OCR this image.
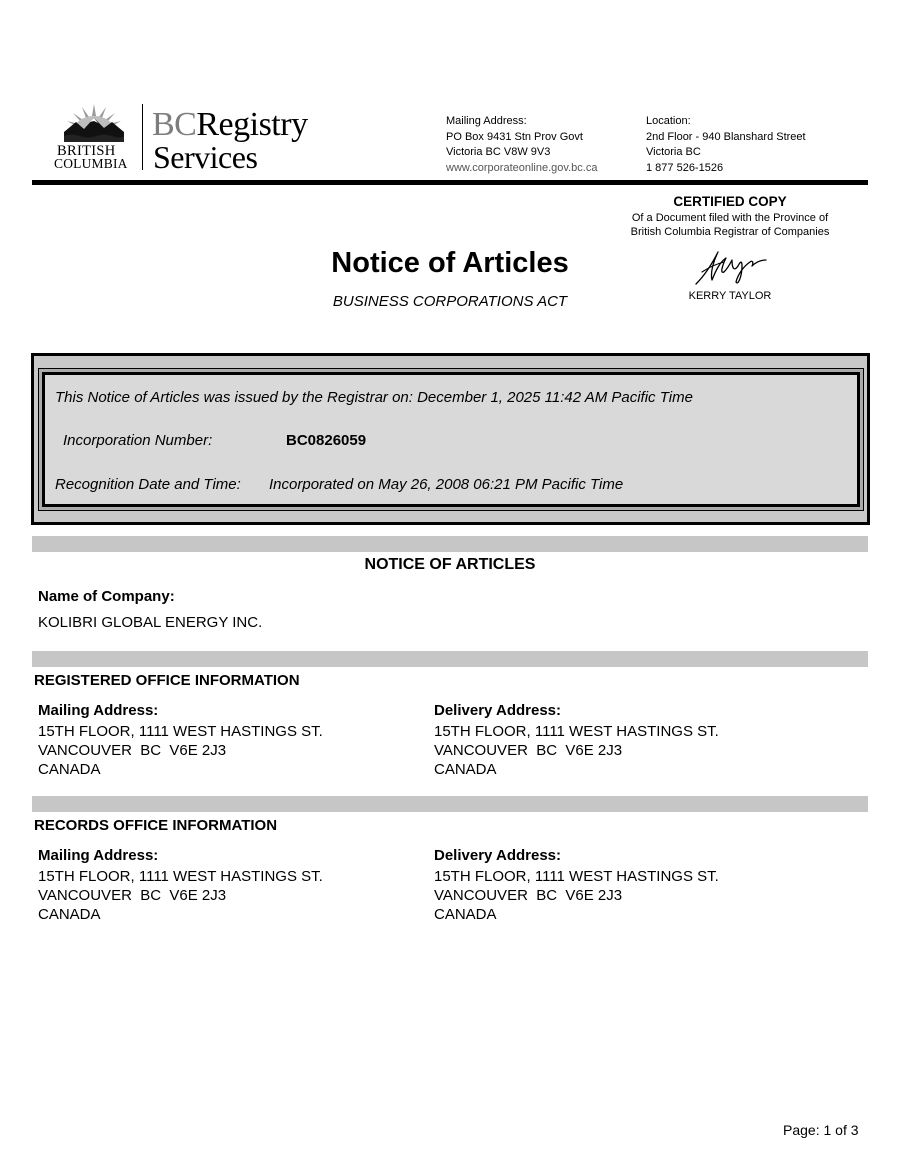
BRITISH
COLUMBIA
BCRegistry
Services
Mailing Address:
PO Box 9431 Stn Prov Govt
Victoria BC V8W 9V3
www.corporateonline.gov.bc.ca
Location:
2nd Floor - 940 Blanshard Street
Victoria BC
1 877 526-1526
CERTIFIED COPY
Of a Document filed with the Province of
British Columbia Registrar of Companies
KERRY TAYLOR
Notice of Articles
BUSINESS CORPORATIONS ACT
This Notice of Articles was issued by the Registrar on: December 1, 2025 11:42 AM Pacific Time
Incorporation Number:	BC0826059
Recognition Date and Time: Incorporated on May 26, 2008 06:21 PM Pacific Time
NOTICE OF ARTICLES
Name of Company:
KOLIBRI GLOBAL ENERGY INC.
REGISTERED OFFICE INFORMATION
Mailing Address:
15TH FLOOR, 1111 WEST HASTINGS ST.
VANCOUVER  BC  V6E 2J3
CANADA
Delivery Address:
15TH FLOOR, 1111 WEST HASTINGS ST.
VANCOUVER  BC  V6E 2J3
CANADA
RECORDS OFFICE INFORMATION
Mailing Address:
15TH FLOOR, 1111 WEST HASTINGS ST.
VANCOUVER  BC  V6E 2J3
CANADA
Delivery Address:
15TH FLOOR, 1111 WEST HASTINGS ST.
VANCOUVER  BC  V6E 2J3
CANADA
Page: 1 of 3
